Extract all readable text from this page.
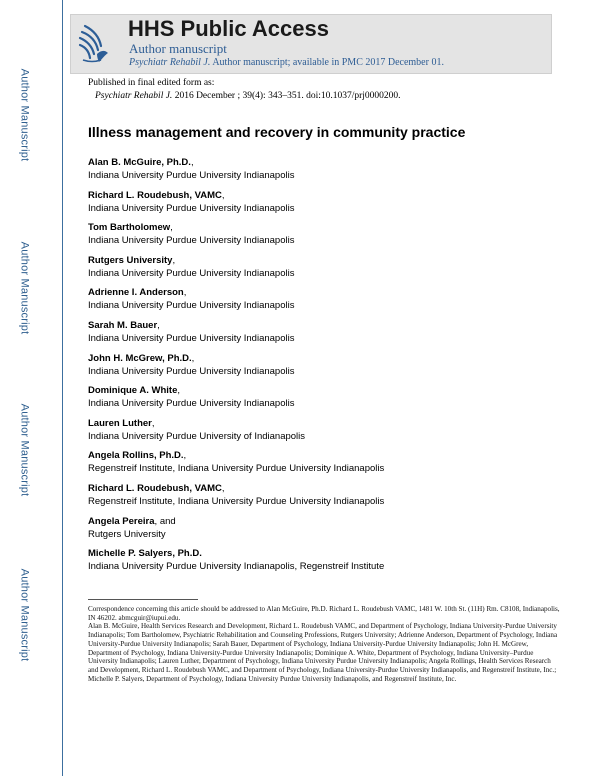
Author Manuscript
Author Manuscript
Author Manuscript
Author Manuscript
HHS Public Access
Author manuscript
Psychiatr Rehabil J. Author manuscript; available in PMC 2017 December 01.
Published in final edited form as:
Psychiatr Rehabil J. 2016 December ; 39(4): 343–351. doi:10.1037/prj0000200.
Illness management and recovery in community practice
Alan B. McGuire, Ph.D.,
Indiana University Purdue University Indianapolis
Richard L. Roudebush, VAMC,
Indiana University Purdue University Indianapolis
Tom Bartholomew,
Indiana University Purdue University Indianapolis
Rutgers University,
Indiana University Purdue University Indianapolis
Adrienne I. Anderson,
Indiana University Purdue University Indianapolis
Sarah M. Bauer,
Indiana University Purdue University Indianapolis
John H. McGrew, Ph.D.,
Indiana University Purdue University Indianapolis
Dominique A. White,
Indiana University Purdue University Indianapolis
Lauren Luther,
Indiana University Purdue University of Indianapolis
Angela Rollins, Ph.D.,
Regenstreif Institute, Indiana University Purdue University Indianapolis
Richard L. Roudebush, VAMC,
Regenstreif Institute, Indiana University Purdue University Indianapolis
Angela Pereira, and
Rutgers University
Michelle P. Salyers, Ph.D.
Indiana University Purdue University Indianapolis, Regenstreif Institute

Correspondence concerning this article should be addressed to Alan McGuire, Ph.D. Richard L. Roudebush VAMC, 1481 W. 10th St. (11H) Rm. C8108, Indianapolis, IN 46202. abmcguir@iupui.edu.

Alan B. McGuire, Health Services Research and Development, Richard L. Roudebush VAMC, and Department of Psychology, Indiana University-Purdue University Indianapolis; Tom Bartholomew, Psychiatric Rehabilitation and Counseling Professions, Rutgers University; Adrienne Anderson, Department of Psychology, Indiana University-Purdue University Indianapolis; Sarah Bauer, Department of Psychology, Indiana University-Purdue University Indianapolis; John H. McGrew, Department of Psychology, Indiana University-Purdue University Indianapolis; Dominique A. White, Department of Psychology, Indiana University–Purdue University Indianapolis; Lauren Luther, Department of Psychology, Indiana University Purdue University Indianapolis; Angela Rollings, Health Services Research and Development, Richard L. Roudebush VAMC, and Department of Psychology, Indiana University-Purdue University Indianapolis, and Regenstreif Institute, Inc.; Michelle P. Salyers, Department of Psychology, Indiana University Purdue University Indianapolis, and Regenstreif Institute, Inc.
